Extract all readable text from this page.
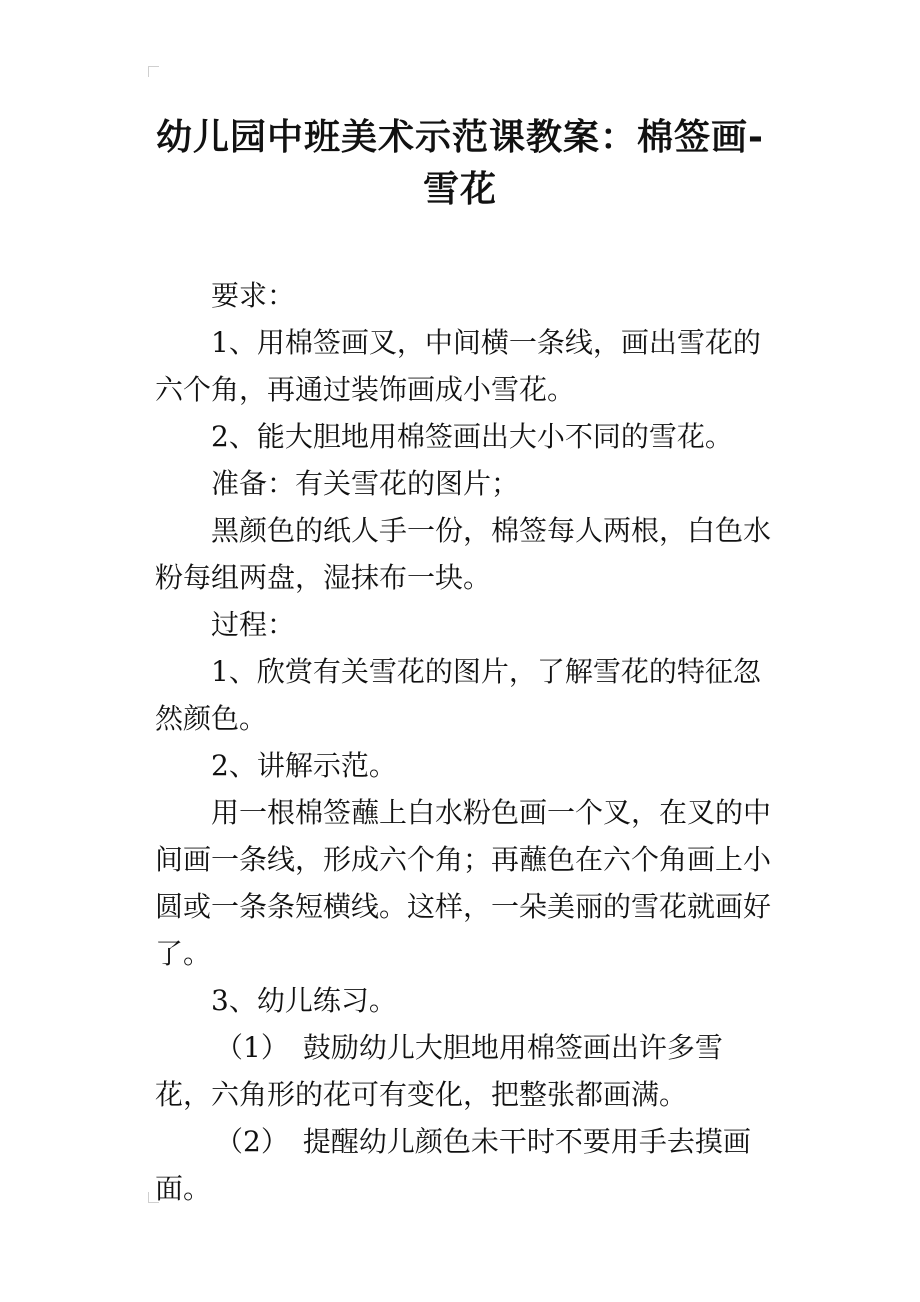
幼儿园中班美术示范课教案：棉签画-
雪花

要求：

1、用棉签画叉，中间横一条线，画出雪花的六个角，再通过装饰画成小雪花。

2、能大胆地用棉签画出大小不同的雪花。

准备：有关雪花的图片；

黑颜色的纸人手一份，棉签每人两根，白色水粉每组两盘，湿抹布一块。

过程：

1、欣赏有关雪花的图片，了解雪花的特征忽然颜色。

2、讲解示范。

用一根棉签蘸上白水粉色画一个叉，在叉的中间画一条线，形成六个角；再蘸色在六个角画上小圆或一条条短横线。这样，一朵美丽的雪花就画好了。

3、幼儿练习。

（1）　鼓励幼儿大胆地用棉签画出许多雪花，六角形的花可有变化，把整张都画满。

（2）　提醒幼儿颜色未干时不要用手去摸画面。
